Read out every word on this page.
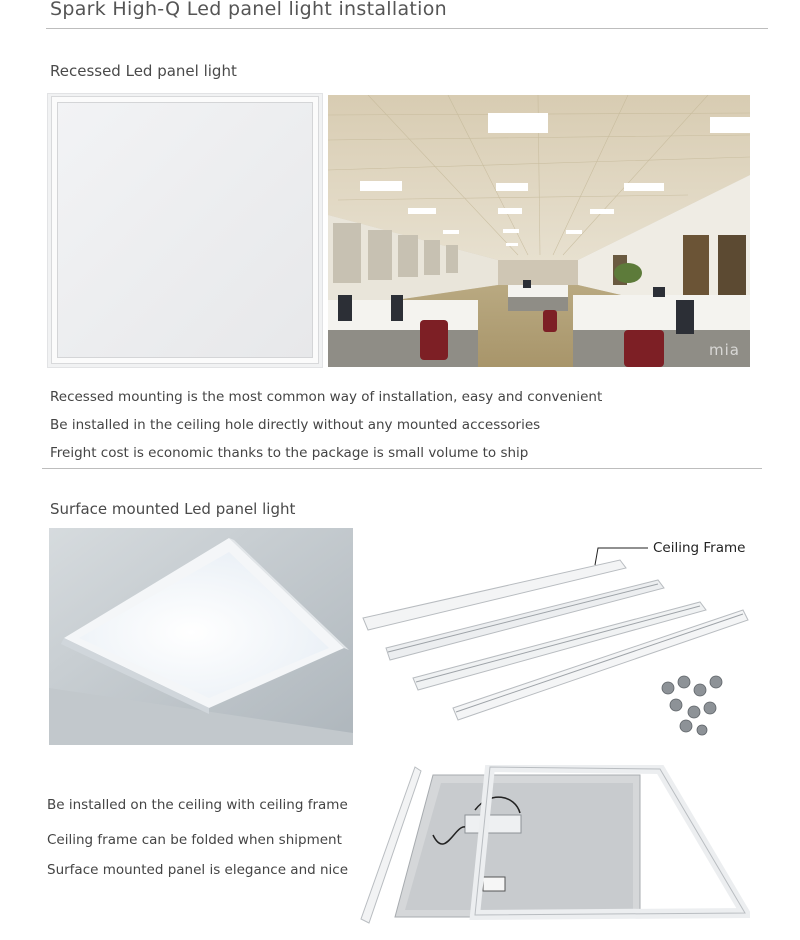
Spark High-Q Led panel light installation
Recessed Led panel light
mia
Recessed mounting is the most common way of installation, easy and convenient
Be installed in the ceiling hole directly without any mounted accessories
Freight cost is economic thanks to the package is small volume to ship
Surface mounted Led panel light
Ceiling Frame
Be installed on the ceiling with ceiling frame
Ceiling frame can be folded when shipment
Surface mounted panel is elegance and nice
